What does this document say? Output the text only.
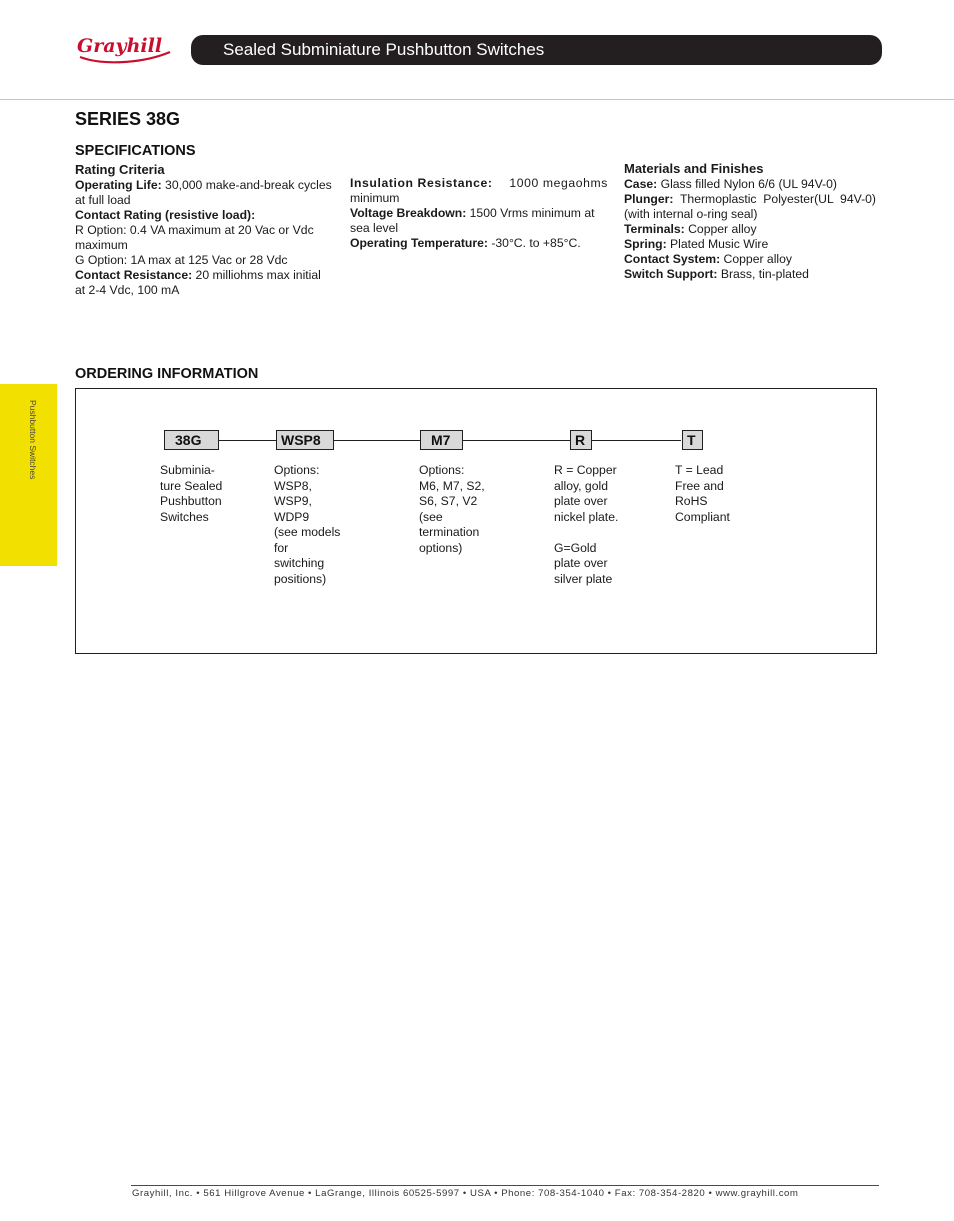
Grayhill	Sealed Subminiature Pushbutton Switches
SERIES 38G
SPECIFICATIONS
Rating Criteria
Operating Life: 30,000 make-and-break cycles
at full load
Contact Rating (resistive load):
R Option: 0.4 VA maximum at 20 Vac or Vdc
maximum
G Option: 1A max at 125 Vac or 28 Vdc
Contact Resistance: 20 milliohms max initial
at 2-4 Vdc, 100 mA
Insulation Resistance: 1000 megaohms
minimum
Voltage Breakdown: 1500 Vrms minimum at
sea level
Operating Temperature: -30°C. to +85°C.
Materials and Finishes
Case: Glass filled Nylon 6/6 (UL 94V-0)
Plunger:  Thermoplastic  Polyester(UL  94V-0)
(with internal o-ring seal)
Terminals: Copper alloy
Spring: Plated Music Wire
Contact System: Copper alloy
Switch Support: Brass, tin-plated
Pushbutton Switches
ORDERING INFORMATION
38G	WSP8	M7	R	T
Subminia-
ture Sealed
Pushbutton
Switches
Options:
WSP8,
WSP9,
WDP9
(see models
for
switching
positions)
Options:
M6, M7, S2,
S6, S7, V2
(see
termination
options)
R = Copper
alloy, gold
plate over
nickel plate.
G=Gold
plate over
silver plate
T = Lead
Free and
RoHS
Compliant
Grayhill, Inc. • 561 Hillgrove Avenue • LaGrange, Illinois 60525-5997 • USA • Phone: 708-354-1040 • Fax: 708-354-2820 • www.grayhill.com
